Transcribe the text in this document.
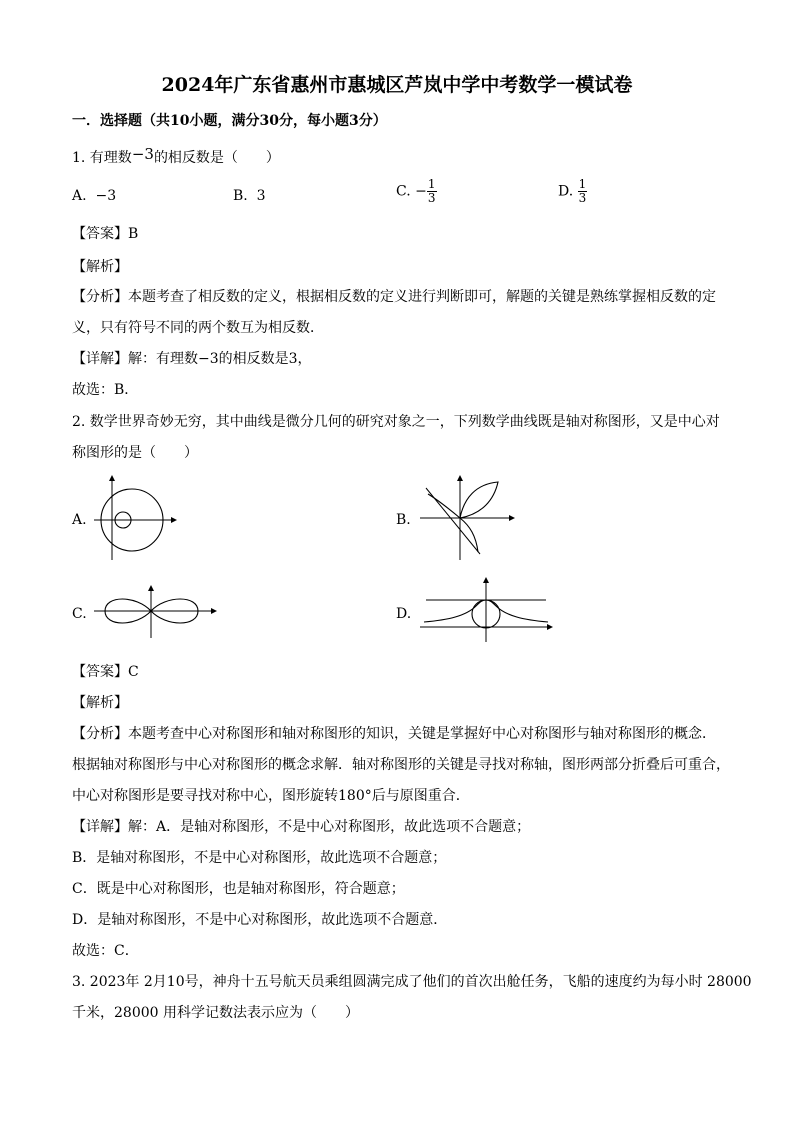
2024年广东省惠州市惠城区芦岚中学中考数学一模试卷
一．选择题（共10小题，满分30分，每小题3分）
1. 有理数−3的相反数是（　　）
A. −3	B. 3	C. − $\frac{1}{3}$	D. $\frac{1}{3}$
【答案】B
【解析】
【分析】本题考查了相反数的定义，根据相反数的定义进行判断即可，解题的关键是熟练掌握相反数的定
义，只有符号不同的两个数互为相反数．
【详解】解：有理数−3的相反数是3，
故选：B．
2. 数学世界奇妙无穷，其中曲线是微分几何的研究对象之一，下列数学曲线既是轴对称图形，又是中心对
称图形的是（　　）
A.	B.
C.	D.
【答案】C
【解析】
【分析】本题考查中心对称图形和轴对称图形的知识，关键是掌握好中心对称图形与轴对称图形的概念．
根据轴对称图形与中心对称图形的概念求解．轴对称图形的关键是寻找对称轴，图形两部分折叠后可重合，
中心对称图形是要寻找对称中心，图形旋转180°后与原图重合．
【详解】解：A．是轴对称图形，不是中心对称图形，故此选项不合题意；
B．是轴对称图形，不是中心对称图形，故此选项不合题意；
C．既是中心对称图形，也是轴对称图形，符合题意；
D．是轴对称图形，不是中心对称图形，故此选项不合题意．
故选：C．
3. 2023年 2月10号，神舟十五号航天员乘组圆满完成了他们的首次出舱任务，飞船的速度约为每小时 28000
千米，28000 用科学记数法表示应为（　　）
